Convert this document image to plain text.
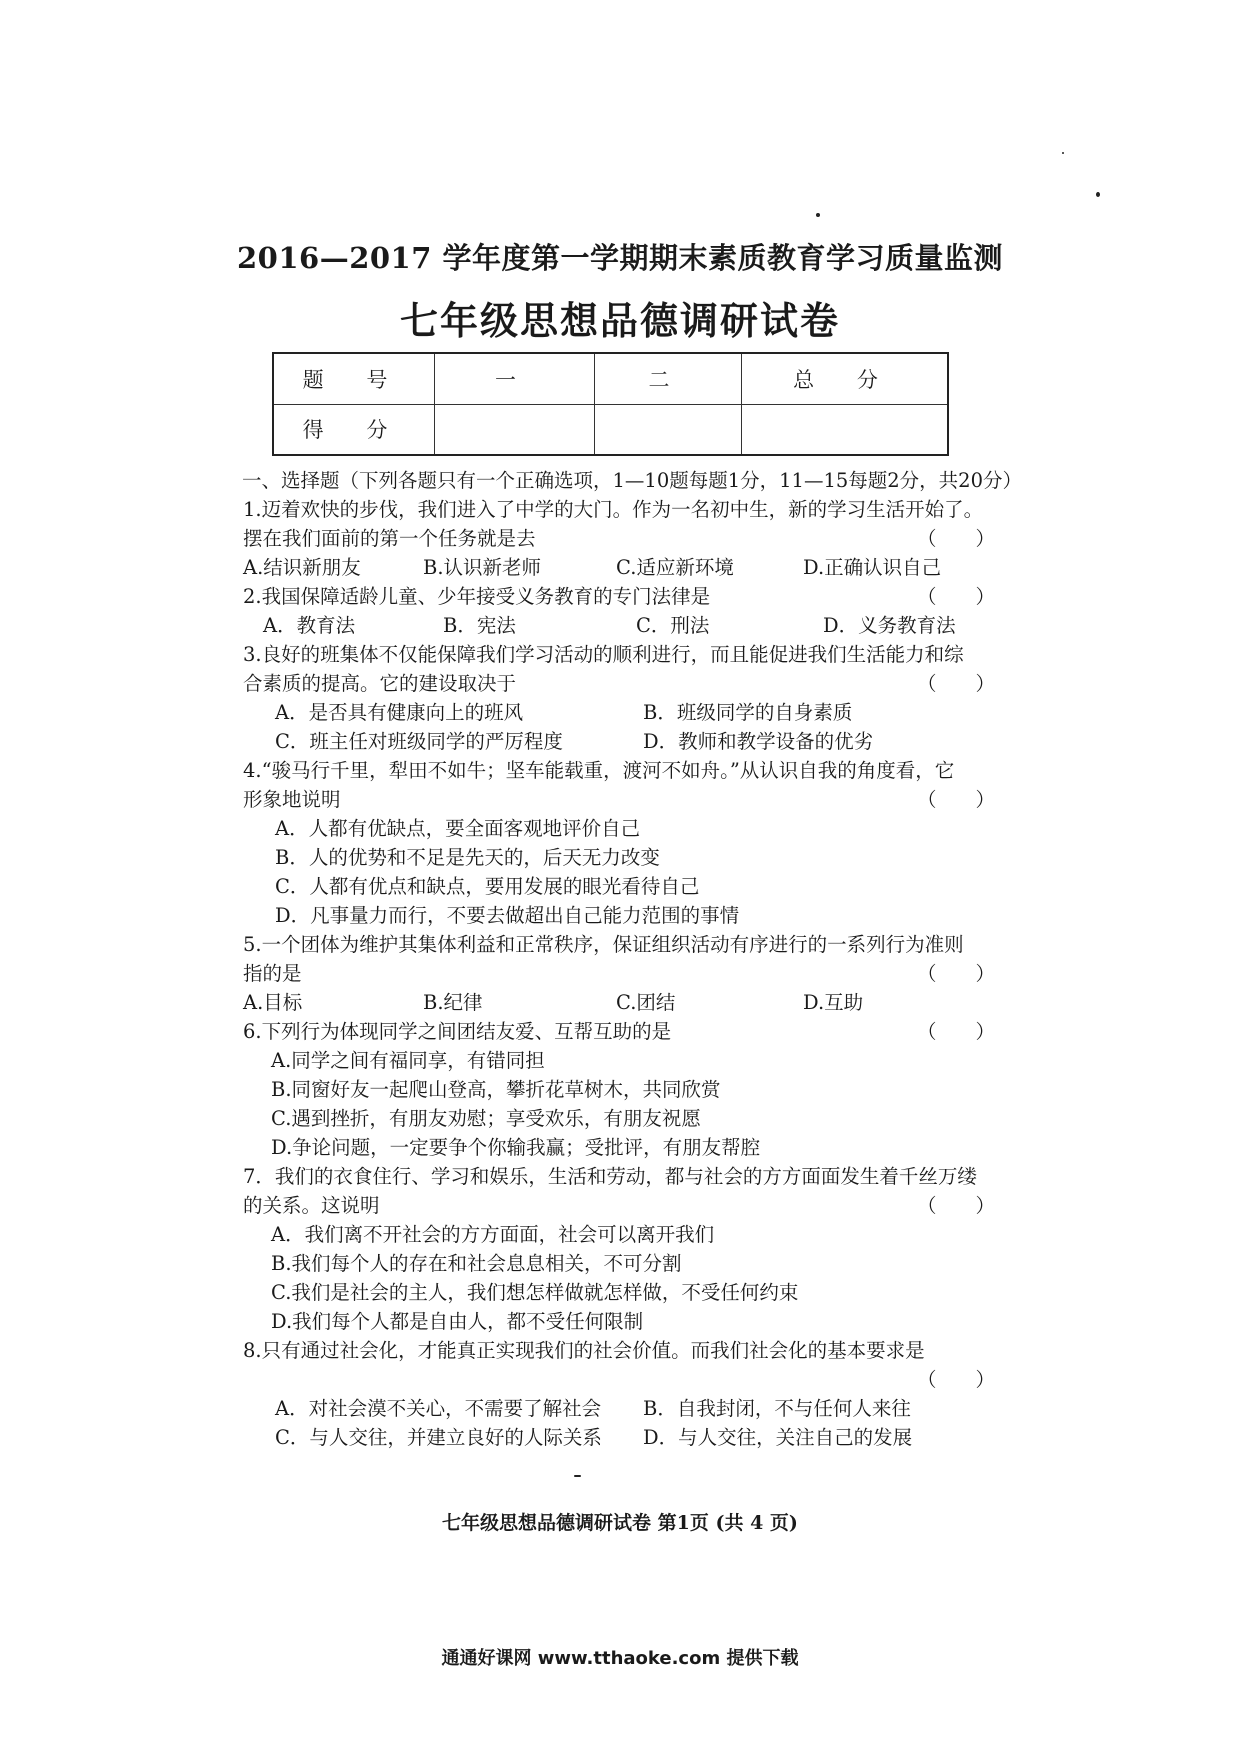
2016—2017 学年度第一学期期末素质教育学习质量监测
七年级思想品德调研试卷
题 号	一	二	总 分
得 分			
一、选择题（下列各题只有一个正确选项，1—10题每题1分，11—15每题2分，共20分）
1.迈着欢快的步伐，我们进入了中学的大门。作为一名初中生，新的学习生活开始了。
摆在我们面前的第一个任务就是去	（　　）
A.结识新朋友	B.认识新老师	C.适应新环境	D.正确认识自己
2.我国保障适龄儿童、少年接受义务教育的专门法律是	（　　）
A．教育法	B．宪法	C．刑法	D．义务教育法
3.良好的班集体不仅能保障我们学习活动的顺利进行，而且能促进我们生活能力和综
合素质的提高。它的建设取决于	（　　）
A．是否具有健康向上的班风	B．班级同学的自身素质
C．班主任对班级同学的严厉程度	D．教师和教学设备的优劣
4.“骏马行千里，犁田不如牛；坚车能载重，渡河不如舟。”从认识自我的角度看，它
形象地说明	（　　）
A．人都有优缺点，要全面客观地评价自己
B．人的优势和不足是先天的，后天无力改变
C．人都有优点和缺点，要用发展的眼光看待自己
D．凡事量力而行，不要去做超出自己能力范围的事情
5.一个团体为维护其集体利益和正常秩序，保证组织活动有序进行的一系列行为准则
指的是	（　　）
A.目标	B.纪律	C.团结	D.互助
6.下列行为体现同学之间团结友爱、互帮互助的是	（　　）
A.同学之间有福同享，有错同担
B.同窗好友一起爬山登高，攀折花草树木，共同欣赏
C.遇到挫折，有朋友劝慰；享受欢乐，有朋友祝愿
D.争论问题，一定要争个你输我赢；受批评，有朋友帮腔
7．我们的衣食住行、学习和娱乐，生活和劳动，都与社会的方方面面发生着千丝万缕
的关系。这说明	（　　）
A．我们离不开社会的方方面面，社会可以离开我们
B.我们每个人的存在和社会息息相关，不可分割
C.我们是社会的主人，我们想怎样做就怎样做，不受任何约束
D.我们每个人都是自由人，都不受任何限制
8.只有通过社会化，才能真正实现我们的社会价值。而我们社会化的基本要求是
（　　）
A．对社会漠不关心，不需要了解社会	B．自我封闭，不与任何人来往
C．与人交往，并建立良好的人际关系	D．与人交往，关注自己的发展
七年级思想品德调研试卷 第1页 (共 4 页)
通通好课网 www.tthaoke.com 提供下载
